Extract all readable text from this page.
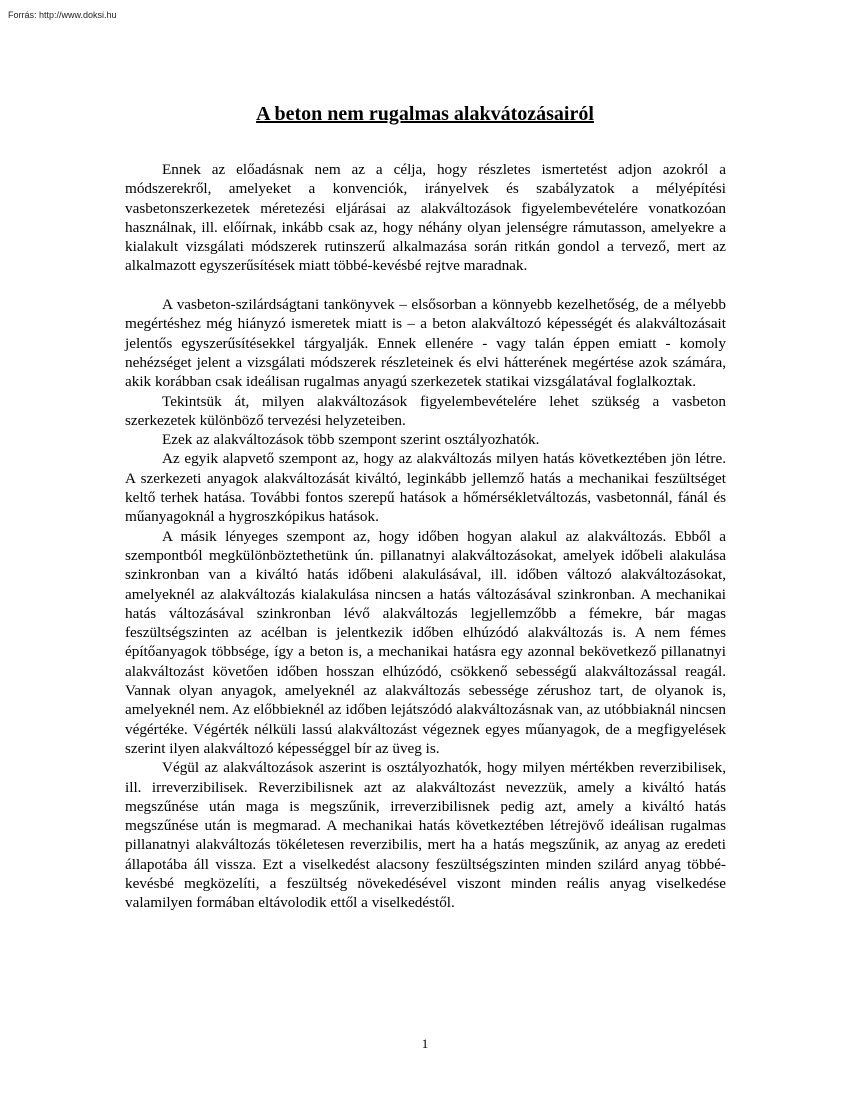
Forrás: http://www.doksi.hu
A beton nem rugalmas alakvátozásairól

Ennek az előadásnak nem az a célja, hogy részletes ismertetést adjon azokról a módszerekről, amelyeket a konvenciók, irányelvek és szabályzatok a mélyépítési vasbetonszerkezetek méretezési eljárásai az alakváltozások figyelembevételére vonatkozóan használnak, ill. előírnak, inkább csak az, hogy néhány olyan jelenségre rámutasson, amelyekre a kialakult vizsgálati módszerek rutinszerű alkalmazása során ritkán gondol a tervező, mert az alkalmazott egyszerűsítések miatt többé-kevésbé rejtve maradnak.

A vasbeton-szilárdságtani tankönyvek – elsősorban a könnyebb kezelhetőség, de a mélyebb megértéshez még hiányzó ismeretek miatt is – a beton alakváltozó képességét és alakváltozásait jelentős egyszerűsítésekkel tárgyalják. Ennek ellenére - vagy talán éppen emiatt - komoly nehézséget jelent a vizsgálati módszerek részleteinek és elvi hátterének megértése azok számára, akik korábban csak ideálisan rugalmas anyagú szerkezetek statikai vizsgálatával foglalkoztak.

Tekintsük át, milyen alakváltozások figyelembevételére lehet szükség a vasbeton szerkezetek különböző tervezési helyzeteiben.

Ezek az alakváltozások több szempont szerint osztályozhatók.

Az egyik alapvető szempont az, hogy az alakváltozás milyen hatás következtében jön létre. A szerkezeti anyagok alakváltozását kiváltó, leginkább jellemző hatás a mechanikai feszültséget keltő terhek hatása. További fontos szerepű hatások a hőmérsékletváltozás, vasbetonnál, fánál és műanyagoknál a hygroszkópikus hatások.

A másik lényeges szempont az, hogy időben hogyan alakul az alakváltozás. Ebből a szempontból megkülönböztethetünk ún. pillanatnyi alakváltozásokat, amelyek időbeli alakulása szinkronban van a kiváltó hatás időbeni alakulásával, ill. időben változó alakváltozásokat, amelyeknél az alakváltozás kialakulása nincsen a hatás változásával szinkronban. A mechanikai hatás változásával szinkronban lévő alakváltozás legjellemzőbb a fémekre, bár magas feszültségszinten az acélban is jelentkezik időben elhúzódó alakváltozás is. A nem fémes építőanyagok többsége, így a beton is, a mechanikai hatásra egy azonnal bekövetkező pillanatnyi alakváltozást követően időben hosszan elhúzódó, csökkenő sebességű alakváltozással reagál. Vannak olyan anyagok, amelyeknél az alakváltozás sebessége zérushoz tart, de olyanok is, amelyeknél nem. Az előbbieknél az időben lejátszódó alakváltozásnak van, az utóbbiaknál nincsen végértéke. Végérték nélküli lassú alakváltozást végeznek egyes műanyagok, de a megfigyelések szerint ilyen alakváltozó képességgel bír az üveg is.

Végül az alakváltozások aszerint is osztályozhatók, hogy milyen mértékben reverzibilisek, ill. irreverzibilisek. Reverzibilisnek azt az alakváltozást nevezzük, amely a kiváltó hatás megszűnése után maga is megszűnik, irreverzibilisnek pedig azt, amely a kiváltó hatás megszűnése után is megmarad. A mechanikai hatás következtében létrejövő ideálisan rugalmas pillanatnyi alakváltozás tökéletesen reverzibilis, mert ha a hatás megszűnik, az anyag az eredeti állapotába áll vissza. Ezt a viselkedést alacsony feszültségszinten minden szilárd anyag többé-kevésbé megközelíti, a feszültség növekedésével viszont minden reális anyag viselkedése valamilyen formában eltávolodik ettől a viselkedéstől.

1
